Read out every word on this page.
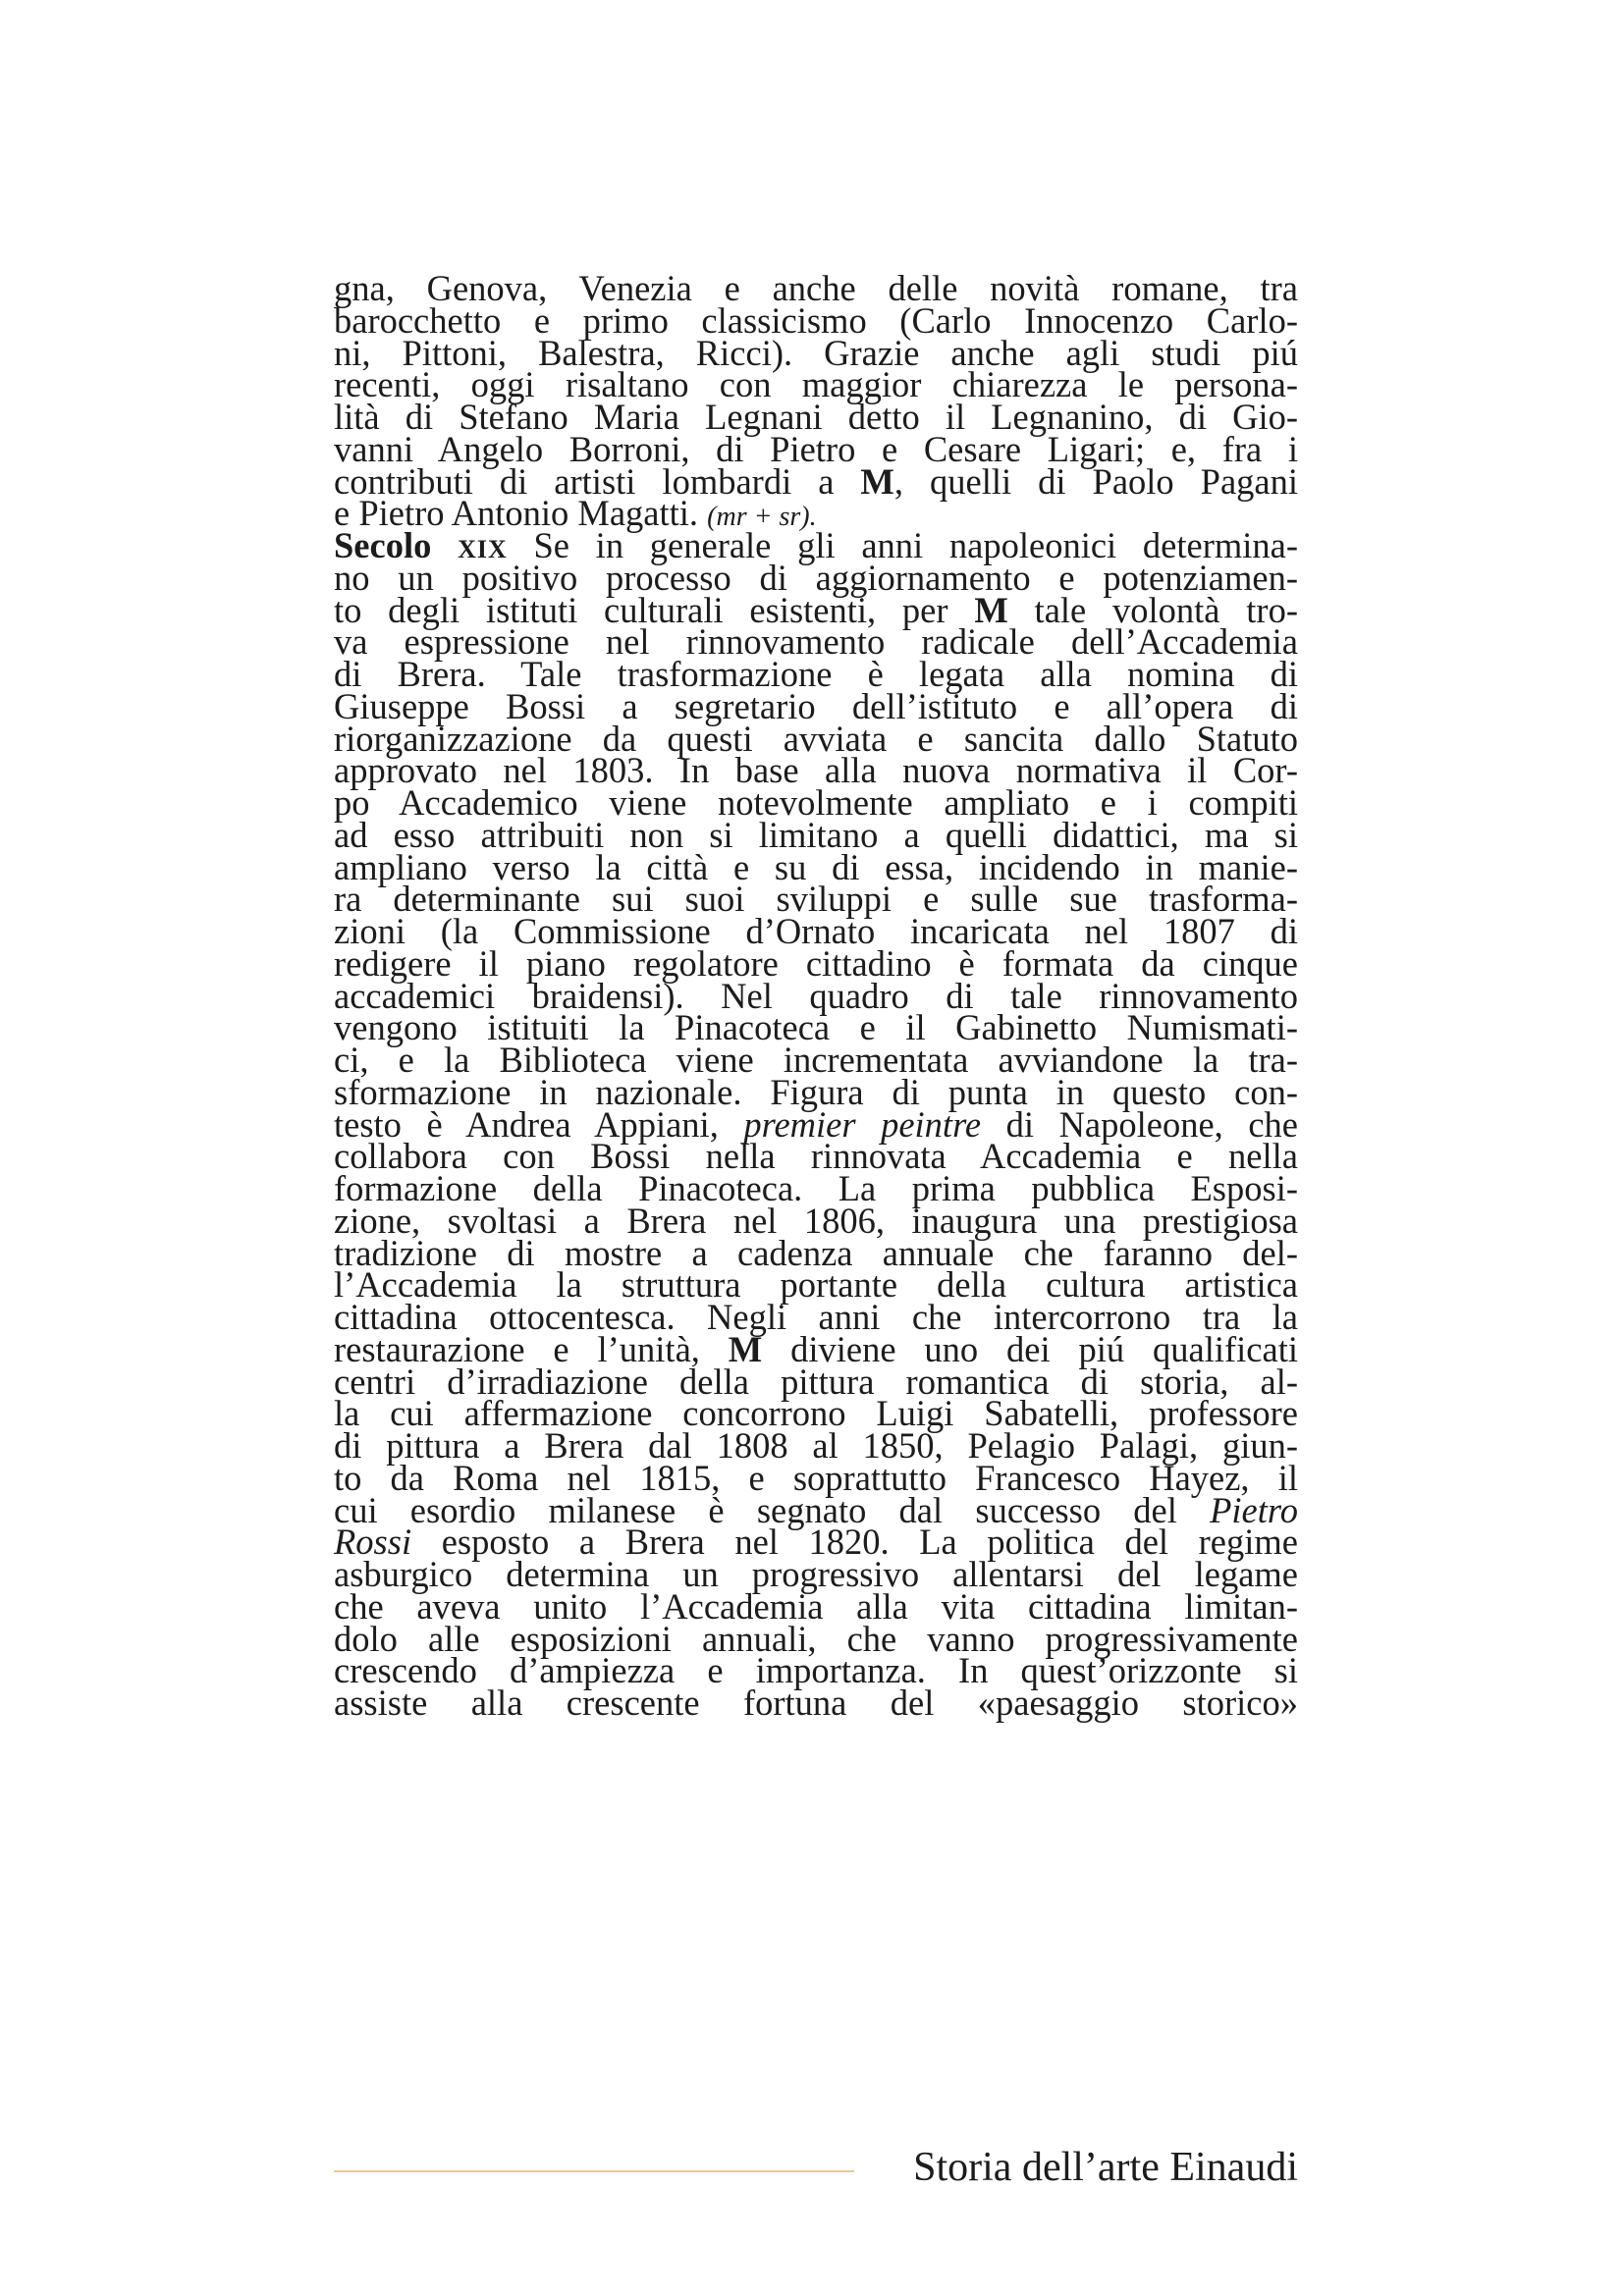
gna, Genova, Venezia e anche delle novità romane, tra
barocchetto e primo classicismo (Carlo Innocenzo Carlo-
ni, Pittoni, Balestra, Ricci). Grazie anche agli studi piú
recenti, oggi risaltano con maggior chiarezza le persona-
lità di Stefano Maria Legnani detto il Legnanino, di Gio-
vanni Angelo Borroni, di Pietro e Cesare Ligari; e, fra i
contributi di artisti lombardi a M, quelli di Paolo Pagani
e Pietro Antonio Magatti. (mr + sr).
Secolo XIX Se in generale gli anni napoleonici determina-
no un positivo processo di aggiornamento e potenziamen-
to degli istituti culturali esistenti, per M tale volontà tro-
va espressione nel rinnovamento radicale dell’Accademia
di Brera. Tale trasformazione è legata alla nomina di
Giuseppe Bossi a segretario dell’istituto e all’opera di
riorganizzazione da questi avviata e sancita dallo Statuto
approvato nel 1803. In base alla nuova normativa il Cor-
po Accademico viene notevolmente ampliato e i compiti
ad esso attribuiti non si limitano a quelli didattici, ma si
ampliano verso la città e su di essa, incidendo in manie-
ra determinante sui suoi sviluppi e sulle sue trasforma-
zioni (la Commissione d’Ornato incaricata nel 1807 di
redigere il piano regolatore cittadino è formata da cinque
accademici braidensi). Nel quadro di tale rinnovamento
vengono istituiti la Pinacoteca e il Gabinetto Numismati-
ci, e la Biblioteca viene incrementata avviandone la tra-
sformazione in nazionale. Figura di punta in questo con-
testo è Andrea Appiani, premier peintre di Napoleone, che
collabora con Bossi nella rinnovata Accademia e nella
formazione della Pinacoteca. La prima pubblica Esposi-
zione, svoltasi a Brera nel 1806, inaugura una prestigiosa
tradizione di mostre a cadenza annuale che faranno del-
l’Accademia la struttura portante della cultura artistica
cittadina ottocentesca. Negli anni che intercorrono tra la
restaurazione e l’unità, M diviene uno dei piú qualificati
centri d’irradiazione della pittura romantica di storia, al-
la cui affermazione concorrono Luigi Sabatelli, professore
di pittura a Brera dal 1808 al 1850, Pelagio Palagi, giun-
to da Roma nel 1815, e soprattutto Francesco Hayez, il
cui esordio milanese è segnato dal successo del Pietro
Rossi esposto a Brera nel 1820. La politica del regime
asburgico determina un progressivo allentarsi del legame
che aveva unito l’Accademia alla vita cittadina limitan-
dolo alle esposizioni annuali, che vanno progressivamente
crescendo d’ampiezza e importanza. In quest’orizzonte si
assiste alla crescente fortuna del «paesaggio storico»
Storia dell’arte Einaudi
